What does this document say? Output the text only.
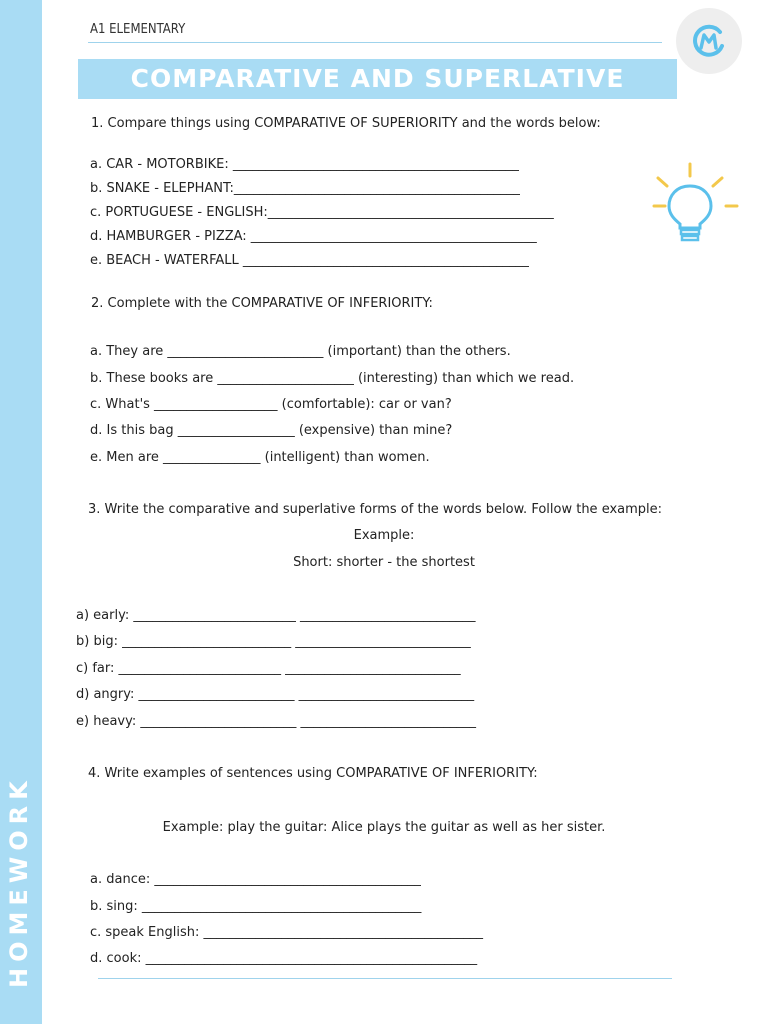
HOMEWORK
A1 ELEMENTARY
COMPARATIVE AND SUPERLATIVE
1. Compare things using COMPARATIVE OF SUPERIORITY and the words below:
a. CAR - MOTORBIKE: ____________________________________________
b. SNAKE - ELEPHANT:____________________________________________
c. PORTUGUESE - ENGLISH:____________________________________________
d. HAMBURGER - PIZZA: ____________________________________________
e. BEACH - WATERFALL ____________________________________________
2. Complete with the COMPARATIVE OF INFERIORITY:
a. They are ________________________ (important) than the others.
b. These books are _____________________ (interesting) than which we read.
c. What's ___________________ (comfortable): car or van?
d. Is this bag __________________ (expensive) than mine?
e. Men are _______________ (intelligent) than women.
3. Write the comparative and superlative forms of the words below. Follow the example:
Example:
Short: shorter - the shortest
a) early: _________________________ ___________________________
b) big: __________________________ ___________________________
c) far: _________________________ ___________________________
d) angry: ________________________ ___________________________
e) heavy: ________________________ ___________________________
4. Write examples of sentences using COMPARATIVE OF INFERIORITY:
Example: play the guitar: Alice plays the guitar as well as her sister.
a. dance: _________________________________________
b. sing: ___________________________________________
c. speak English: ___________________________________________
d. cook: ___________________________________________________
